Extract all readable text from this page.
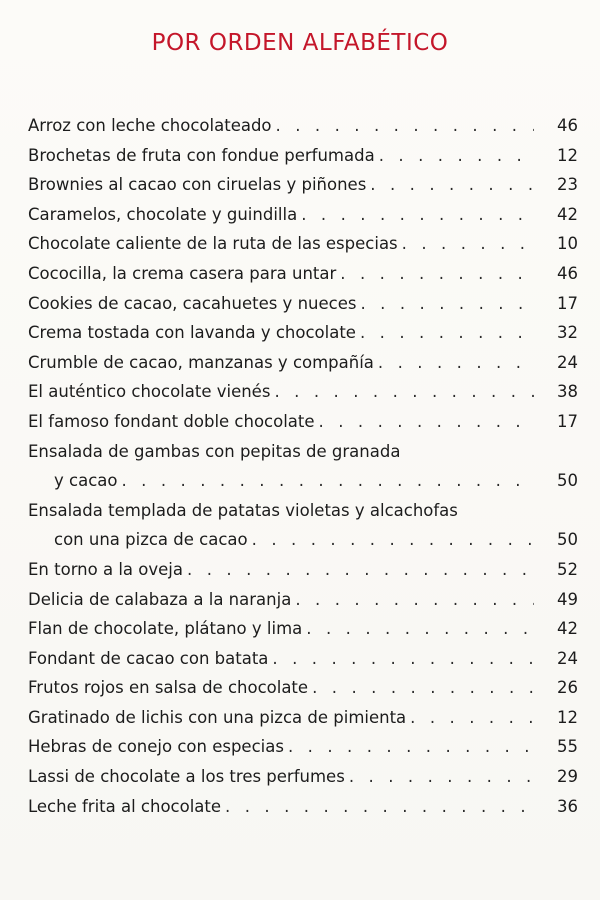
POR ORDEN ALFABÉTICO
Arroz con leche chocolateado . . .	46
Brochetas de fruta con fondue perfumada . . .	12
Brownies al cacao con ciruelas y piñones . . .	23
Caramelos, chocolate y guindilla . . .	42
Chocolate caliente de la ruta de las especias . . .	10
Cococilla, la crema casera para untar . . .	46
Cookies de cacao, cacahuetes y nueces . . .	17
Crema tostada con lavanda y chocolate . . .	32
Crumble de cacao, manzanas y compañía . . .	24
El auténtico chocolate vienés . . .	38
El famoso fondant doble chocolate . . .	17
Ensalada de gambas con pepitas de granada
y cacao . . .	50
Ensalada templada de patatas violetas y alcachofas
con una pizca de cacao . . .	50
En torno a la oveja . . .	52
Delicia de calabaza a la naranja . . .	49
Flan de chocolate, plátano y lima . . .	42
Fondant de cacao con batata . . .	24
Frutos rojos en salsa de chocolate . . .	26
Gratinado de lichis con una pizca de pimienta . . .	12
Hebras de conejo con especias . . .	55
Lassi de chocolate a los tres perfumes . . .	29
Leche frita al chocolate . . .	36
